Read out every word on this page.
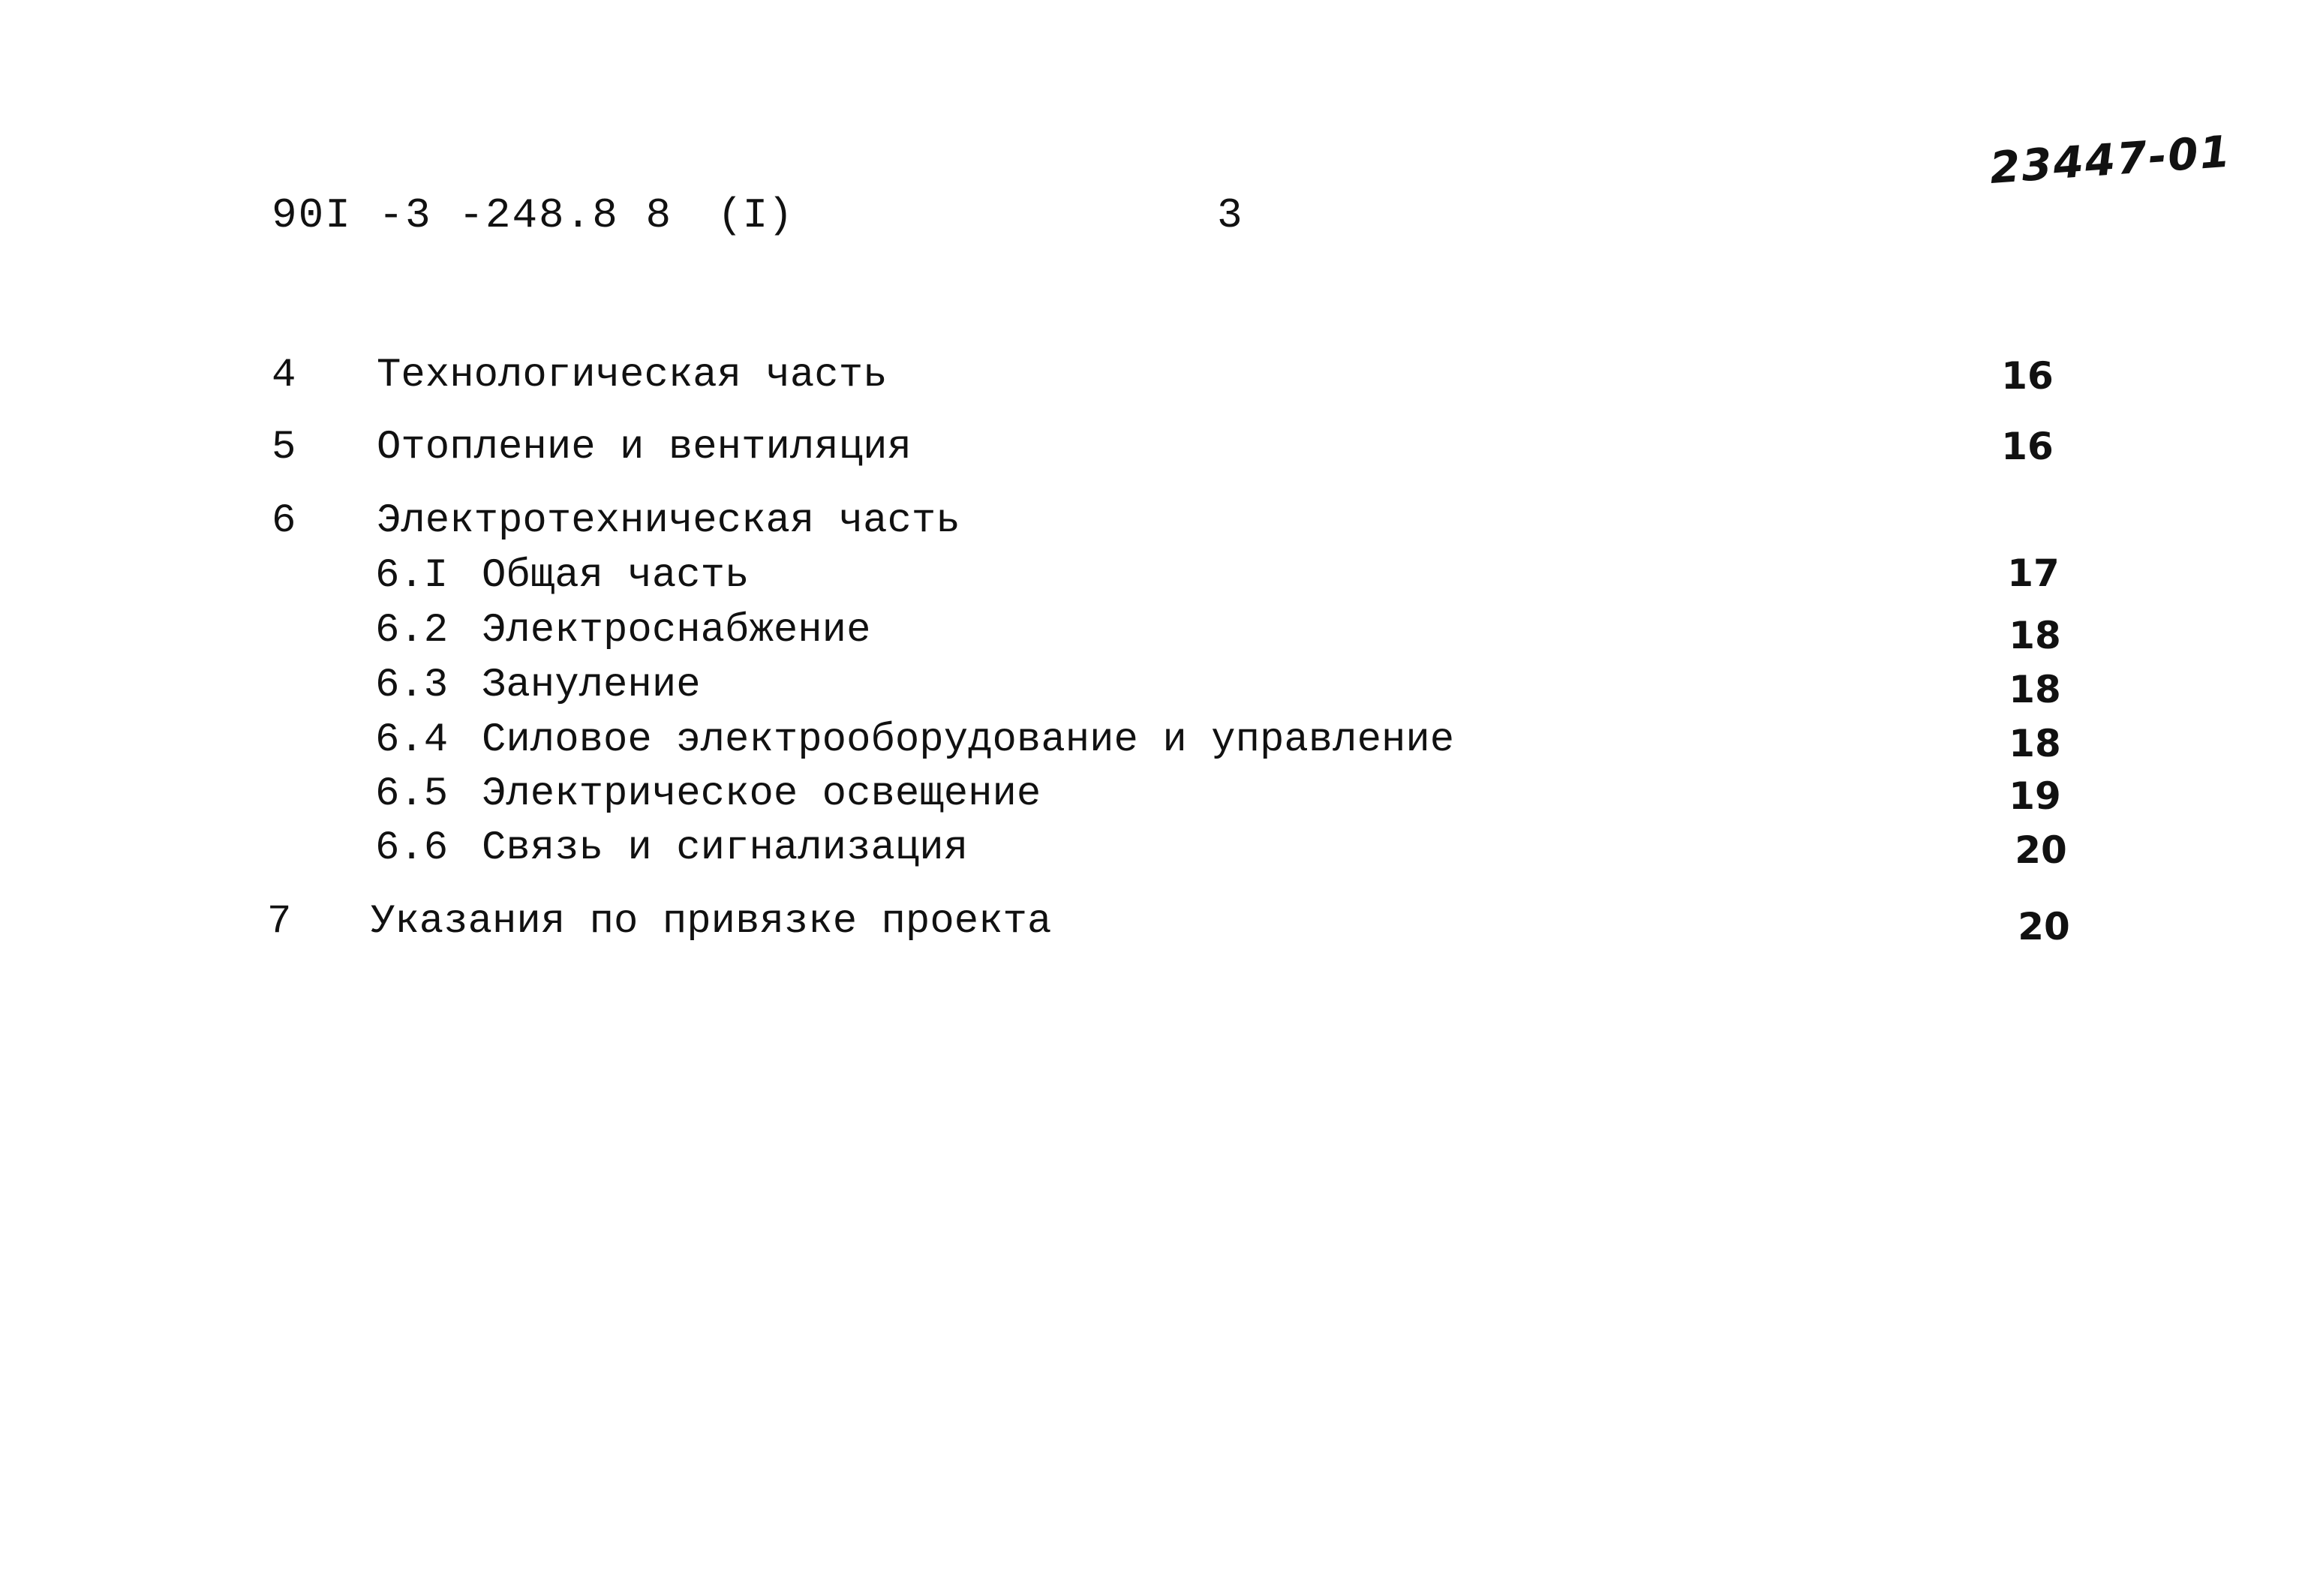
90I -3 -248.8 8 (I)	3
23447-01
4 Технологическая часть	16
5 Отопление и вентиляция	16
6 Электротехническая часть
6.I Общая часть	17
6.2 Электроснабжение	18
6.3 Зануление	18
6.4 Силовое электрооборудование и управление	18
6.5 Электрическое освещение	19
6.6 Связь и сигнализация	20
7 Указания по привязке проекта	20
